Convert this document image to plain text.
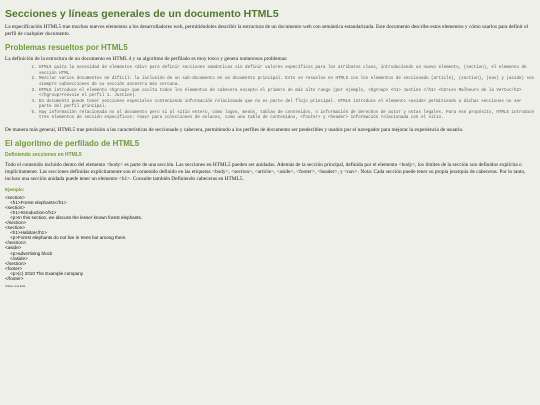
Secciones y líneas generales de un documento HTML5

La especificación HTML5 trae muchos nuevos elementos a los desarrolladores web, permitiéndoles describir la estructura de un documento web con semántica estandarizada. Este documento describe estos elementos y cómo usarlos para definir el perfil de cualquier documento.

Problemas resueltos por HTML5

La definición de la estructura de un documento en HTML 4 y su algoritmo de perfilado es muy tosco y genera numerosos problemas:

1. HTML5 quita la necesidad de elementos <div> para definir secciones semánticas sin definir valores específicos para los atributos class, introduciendo un nuevo elemento, (section), el elemento de sección HTML.
2. Mezclar varios documentos en difícil: la inclusión de un sub-documento en un documento principal. Esto se resuelve en HTML5 con los elementos de seccionado (article), (section), (nav) y (aside) son siempre subsecciones de su sección ancestra más cercana.
3. HTML5 introduce el elemento <hgroup> que oculta todos los elementos de cabecera excepto el primero de más alto rango (por ejemplo, <hgroup> <h1> Justine </h1> <h2>Les Malheurs de la Vertu</h2> </hgroup>renvoie el perfil 1. Justine).
4. En documento puede tener secciones especiales conteniendo información relacionada que no es parte del flujo principal. HTML5 introduce el elemento <aside> permitiendo a dichas secciones no ser parte del perfil principal.
5. Hay información relacionada no al documento pero si al sitio entero, como logos, menús, tablas de contenidos, o información de derechos de autor y notas legales. Para ese propósito, HTML5 introduce tres elementos de sección específicos: <nav> para colecciones de enlaces, como una tabla de contenidos, <footer> y <header> información relacionada con el sitio.

De manera más general, HTML5 trae precisión a las características de seccionado y cabecera, permitiendo a los perfiles de documento ser predecibles y usados por el navegador para mejorar la experiencia de usuario.

El algoritmo de perfilado de HTML5
Definiendo secciones en HTML5

Todo el contenido incluido dentro del elemento <body> es parte de una sección. Las secciones en HTML5 pueden ser anidadas. Además de la sección principal, definida por el elemento <body>, los límites de la sección son definidos explícita o implícitamente. Las secciones definidas explícitamente son el contenido definido en las etiquetas <body>, <section>, <article>, <aside>, <footer>, <header>, y <nav>. Nota: Cada sección puede tener su propia jerarquía de cabeceras. Por lo tanto, incluso una sección anidada puede tener un elemento <h1>. Consulte también Definiendo cabeceras en HTML5.

Ejemplo:
<section>
<h1>Forest elephants</h1>
<section>
<h1>Introduction</h1>
<p>In this section, we discuss the lesser known forest elephants.
</section>
<section>
<h1>Habitat</h1>
<p>Forest elephants do not live in trees but among them.
</section>
<aside>
<p>advertising block
</aside>
</section>
<footer>
<p>(c) 2010 The Example company
</footer>
Volver a la lista
